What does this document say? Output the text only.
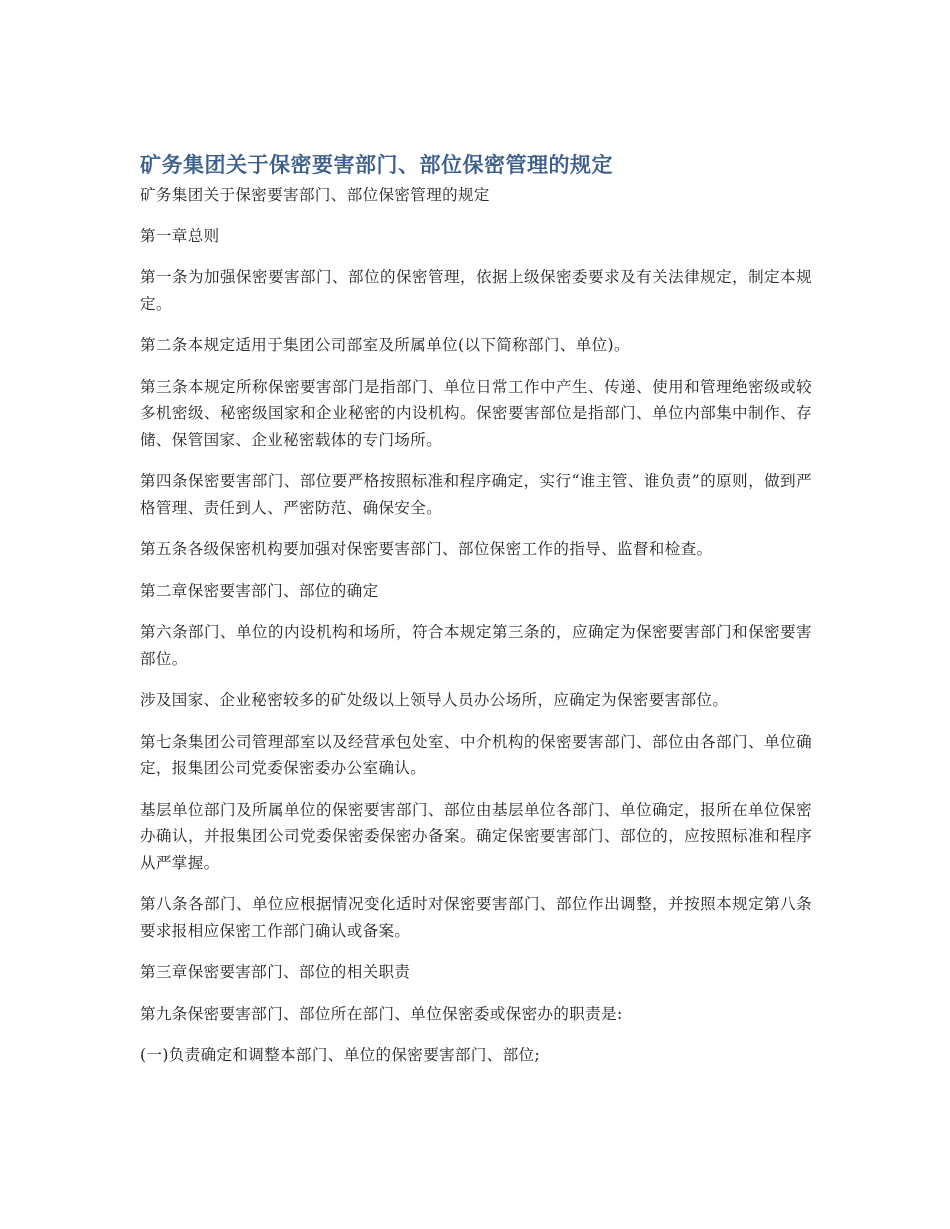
矿务集团关于保密要害部门、部位保密管理的规定

矿务集团关于保密要害部门、部位保密管理的规定

第一章总则

第一条为加强保密要害部门、部位的保密管理，依据上级保密委要求及有关法律规定，制定本规定。

第二条本规定适用于集团公司部室及所属单位(以下简称部门、单位)。

第三条本规定所称保密要害部门是指部门、单位日常工作中产生、传递、使用和管理绝密级或较多机密级、秘密级国家和企业秘密的内设机构。保密要害部位是指部门、单位内部集中制作、存储、保管国家、企业秘密载体的专门场所。

第四条保密要害部门、部位要严格按照标准和程序确定，实行“谁主管、谁负责”的原则，做到严格管理、责任到人、严密防范、确保安全。

第五条各级保密机构要加强对保密要害部门、部位保密工作的指导、监督和检查。

第二章保密要害部门、部位的确定

第六条部门、单位的内设机构和场所，符合本规定第三条的，应确定为保密要害部门和保密要害部位。

涉及国家、企业秘密较多的矿处级以上领导人员办公场所，应确定为保密要害部位。

第七条集团公司管理部室以及经营承包处室、中介机构的保密要害部门、部位由各部门、单位确定，报集团公司党委保密委办公室确认。

基层单位部门及所属单位的保密要害部门、部位由基层单位各部门、单位确定，报所在单位保密办确认，并报集团公司党委保密委保密办备案。确定保密要害部门、部位的，应按照标准和程序从严掌握。

第八条各部门、单位应根据情况变化适时对保密要害部门、部位作出调整，并按照本规定第八条要求报相应保密工作部门确认或备案。

第三章保密要害部门、部位的相关职责

第九条保密要害部门、部位所在部门、单位保密委或保密办的职责是:

(一)负责确定和调整本部门、单位的保密要害部门、部位;
